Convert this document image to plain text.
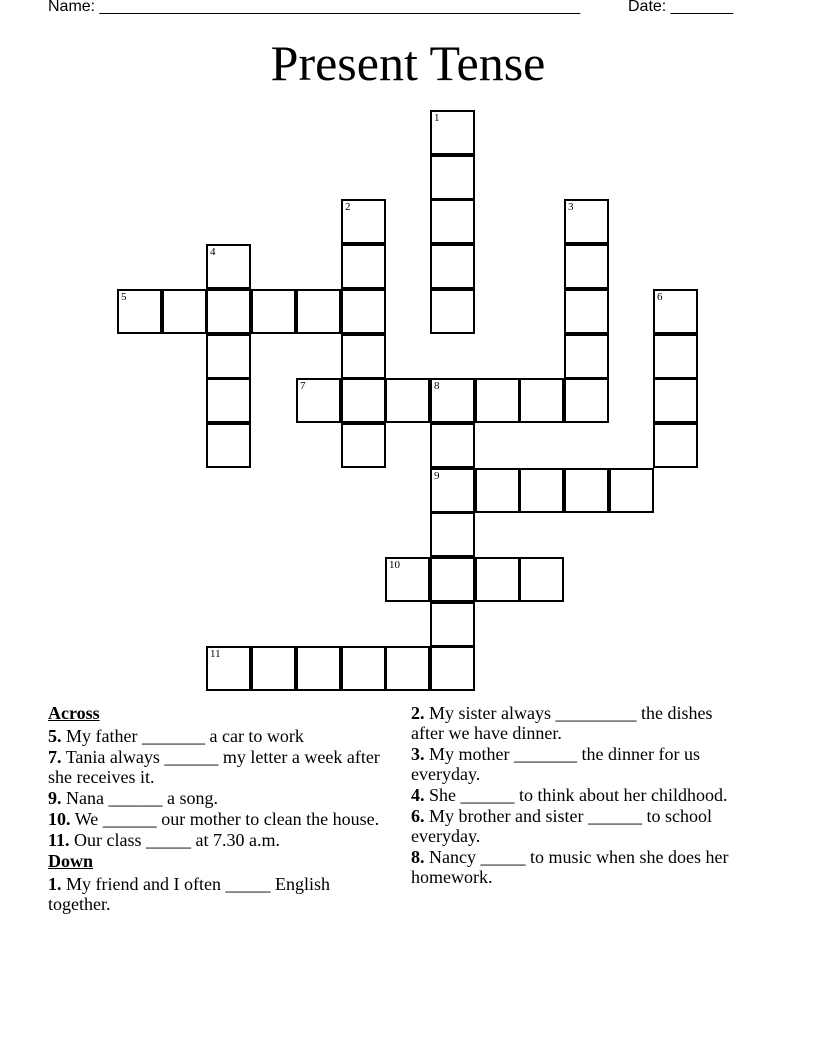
Name: ______________________________________________________	Date: _______
Present Tense
1
2	3
4
5	6
7	8
9
10
11
Across
5. My father _______ a car to work
7. Tania always ______ my letter a week after she receives it.
9. Nana ______ a song.
10. We ______ our mother to clean the house.
11. Our class _____ at 7.30 a.m.
Down
1. My friend and I often _____ English together.
2. My sister always _________ the dishes after we have dinner.
3. My mother _______ the dinner for us everyday.
4. She ______ to think about her childhood.
6. My brother and sister ______ to school everyday.
8. Nancy _____ to music when she does her homework.
